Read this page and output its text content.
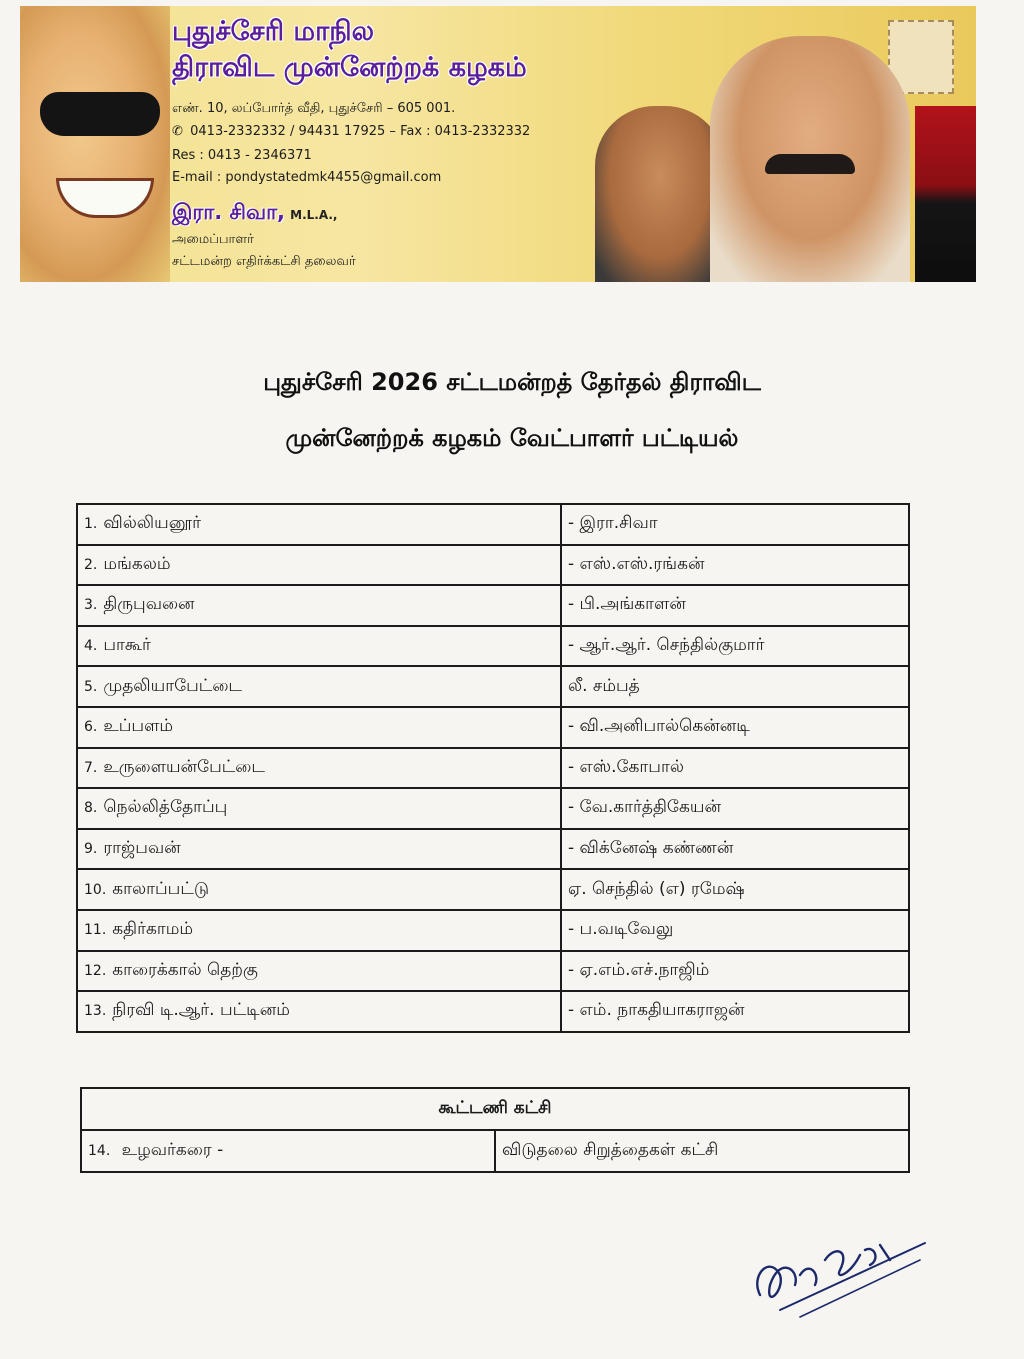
புதுச்சேரி மாநில
திராவிட முன்னேற்றக் கழகம்
எண். 10, லப்போர்த் வீதி, புதுச்சேரி – 605 001.
✆ 0413-2332332 / 94431 17925 – Fax : 0413-2332332
Res : 0413 - 2346371
E-mail : pondystatedmk4455@gmail.com
இரா. சிவா, M.L.A.,
அமைப்பாளர்
சட்டமன்ற எதிர்க்கட்சி தலைவர்
புதுச்சேரி 2026 சட்டமன்றத் தேர்தல் திராவிட
முன்னேற்றக் கழகம் வேட்பாளர் பட்டியல்
1. வில்லியனூர்	- இரா.சிவா
2. மங்கலம்	- எஸ்.எஸ்.ரங்கன்
3. திருபுவனை	- பி.அங்காளன்
4. பாகூர்	- ஆர்.ஆர். செந்தில்குமார்
5. முதலியாபேட்டை	லீ. சம்பத்
6. உப்பளம்	- வி.அனிபால்கென்னடி
7. உருளையன்பேட்டை	- எஸ்.கோபால்
8. நெல்லித்தோப்பு	- வே.கார்த்திகேயன்
9. ராஜ்பவன்	- விக்னேஷ் கண்ணன்
10. காலாப்பட்டு	ஏ. செந்தில் (எ) ரமேஷ்
11. கதிர்காமம்	- ப.வடிவேலு
12. காரைக்கால் தெற்கு	- ஏ.எம்.எச்.நாஜிம்
13. நிரவி டி.ஆர். பட்டினம்	- எம். நாகதியாகராஜன்
கூட்டணி கட்சி
14. உழவர்கரை -	விடுதலை சிறுத்தைகள் கட்சி
